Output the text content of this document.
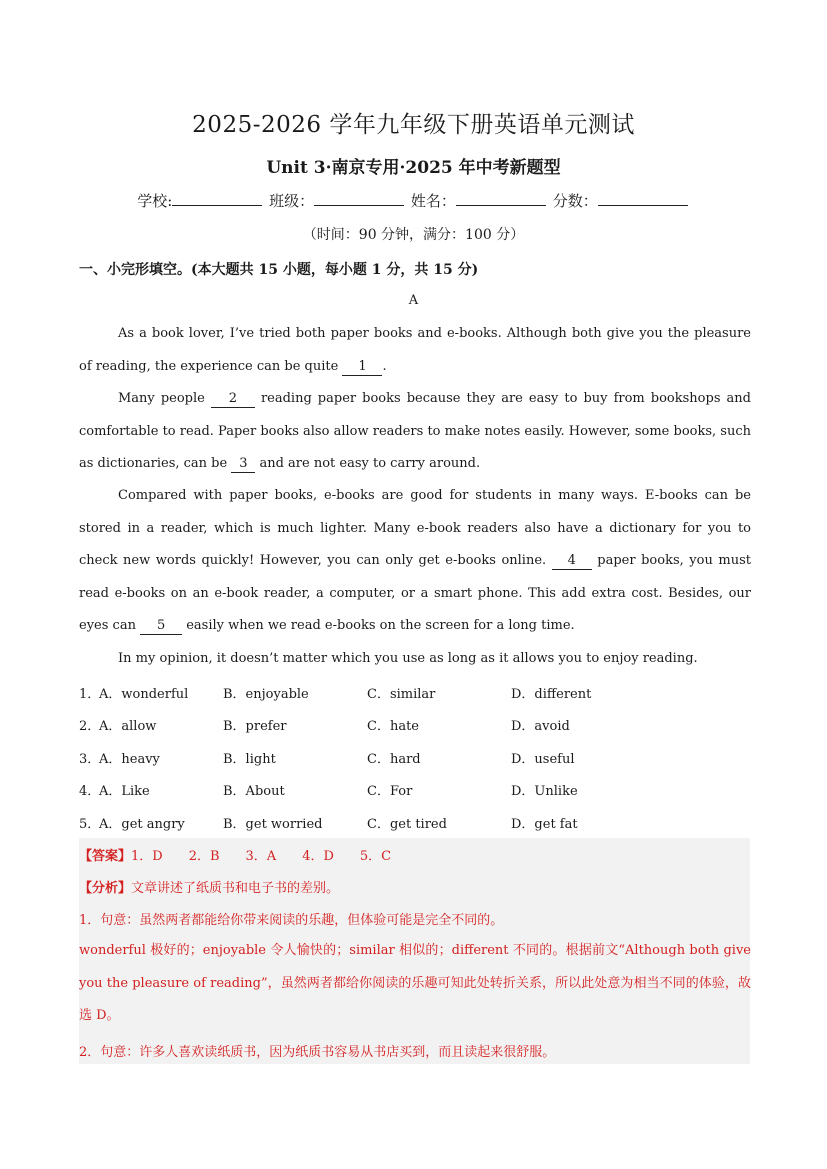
2025-2026 学年九年级下册英语单元测试
Unit 3·南京专用·2025 年中考新题型
学校:	班级：	姓名：	分数：
（时间：90 分钟，满分：100 分）
一、小完形填空。(本大题共 15 小题，每小题 1 分，共 15 分)
A
As a book lover, I’ve tried both paper books and e-books. Although both give you the pleasure of reading, the experience can be quite 1 .
Many people 2 reading paper books because they are easy to buy from bookshops and comfortable to read. Paper books also allow readers to make notes easily. However, some books, such as dictionaries, can be 3 and are not easy to carry around.
Compared with paper books, e-books are good for students in many ways. E-books can be stored in a reader, which is much lighter. Many e-book readers also have a dictionary for you to check new words quickly! However, you can only get e-books online. 4 paper books, you must read e-books on an e-book reader, a computer, or a smart phone. This add extra cost. Besides, our eyes can 5 easily when we read e-books on the screen for a long time.
In my opinion, it doesn’t matter which you use as long as it allows you to enjoy reading.
1．
A．wonderful	B．enjoyable	C．similar	D．different
2．
A．allow	B．prefer	C．hate	D．avoid
3．
A．heavy	B．light	C．hard	D．useful
4．
A．Like	B．About	C．For	D．Unlike
5．
A．get angry	B．get worried	C．get tired	D．get fat
【答案】1．D　　2．B　　3．A　　4．D　　5．C
【分析】文章讲述了纸质书和电子书的差别。
1．句意：虽然两者都能给你带来阅读的乐趣，但体验可能是完全不同的。
wonderful 极好的；enjoyable 令人愉快的；similar 相似的；different 不同的。根据前文“Although both give you the pleasure of reading”，虽然两者都给你阅读的乐趣可知此处转折关系，所以此处意为相当不同的体验，故选 D。
2．句意：许多人喜欢读纸质书，因为纸质书容易从书店买到，而且读起来很舒服。
